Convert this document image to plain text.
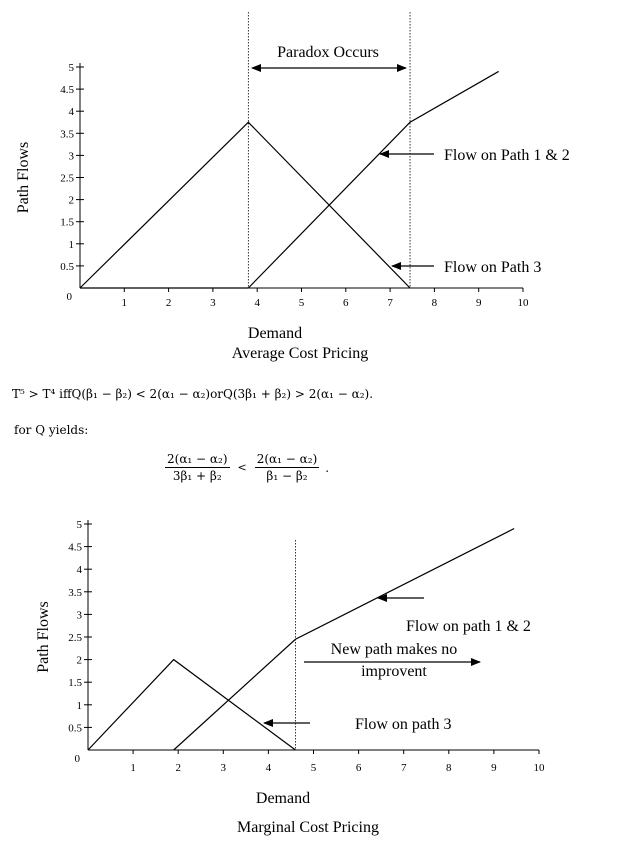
0	1	2	3	4	5	6	7	8	9	10
0.5
1
1.5
2
2.5
3
3.5
4
4.5
5
Path Flows
Demand
Average Cost Pricing
Paradox Occurs
Flow on Path 1 & 2
Flow on Path 3
0
1	2	3	4	5	6	7	8	9	10
0.5
1
1.5
2
2.5
3
3.5
4
4.5
5
Path Flows
Demand
Marginal Cost Pricing
Flow on path 1 & 2
New path makes no
improvent
Flow on path 3
T⁵ > T⁴ iffQ(β₁ − β₂) < 2(α₁ − α₂)orQ(3β₁ + β₂) > 2(α₁ − α₂).
for Q yields:
$\frac{\text{2(α₁ − α₂)}}{\text{3β₁ + β₂}} < \frac{\text{2(α₁ − α₂)}}{\text{β₁ − β₂}}$ .
